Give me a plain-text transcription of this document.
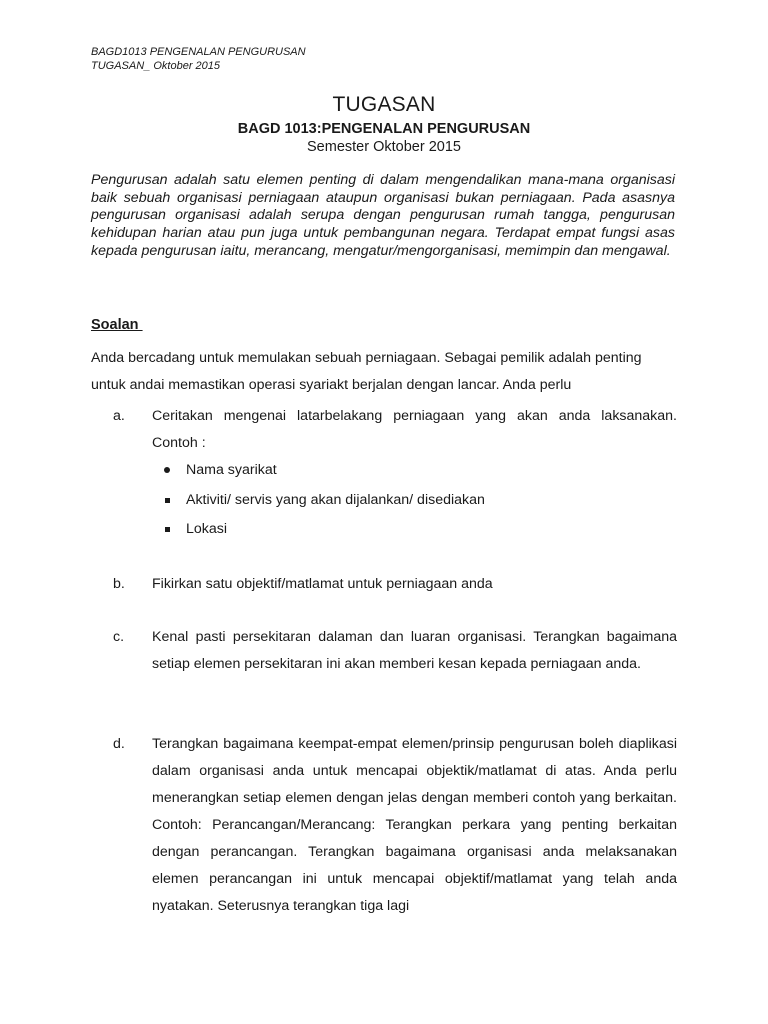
BAGD1013 PENGENALAN PENGURUSAN
TUGASAN_ Oktober 2015
TUGASAN
BAGD 1013:PENGENALAN PENGURUSAN
Semester Oktober 2015
Pengurusan adalah satu elemen penting di dalam mengendalikan mana-mana organisasi baik sebuah organisasi perniagaan ataupun organisasi bukan perniagaan. Pada asasnya pengurusan organisasi adalah serupa dengan pengurusan rumah tangga, pengurusan kehidupan harian atau pun juga untuk pembangunan negara. Terdapat empat fungsi asas kepada pengurusan iaitu, merancang, mengatur/mengorganisasi, memimpin dan mengawal.
Soalan
Anda bercadang untuk memulakan sebuah perniagaan. Sebagai pemilik adalah penting untuk andai memastikan operasi syariakt berjalan dengan lancar. Anda perlu
a. Ceritakan mengenai latarbelakang perniagaan yang akan anda laksanakan. Contoh :
Nama syarikat
Aktiviti/ servis yang akan dijalankan/ disediakan
Lokasi
b. Fikirkan satu objektif/matlamat untuk perniagaan anda
c. Kenal pasti persekitaran dalaman dan luaran organisasi. Terangkan bagaimana setiap elemen persekitaran ini akan memberi kesan kepada perniagaan anda.
d. Terangkan bagaimana keempat-empat elemen/prinsip pengurusan boleh diaplikasi dalam organisasi anda untuk mencapai objektik/matlamat di atas. Anda perlu menerangkan setiap elemen dengan jelas dengan memberi contoh yang berkaitan. Contoh: Perancangan/Merancang: Terangkan perkara yang penting berkaitan dengan perancangan. Terangkan bagaimana organisasi anda melaksanakan elemen perancangan ini untuk mencapai objektif/matlamat yang telah anda nyatakan. Seterusnya terangkan tiga lagi
